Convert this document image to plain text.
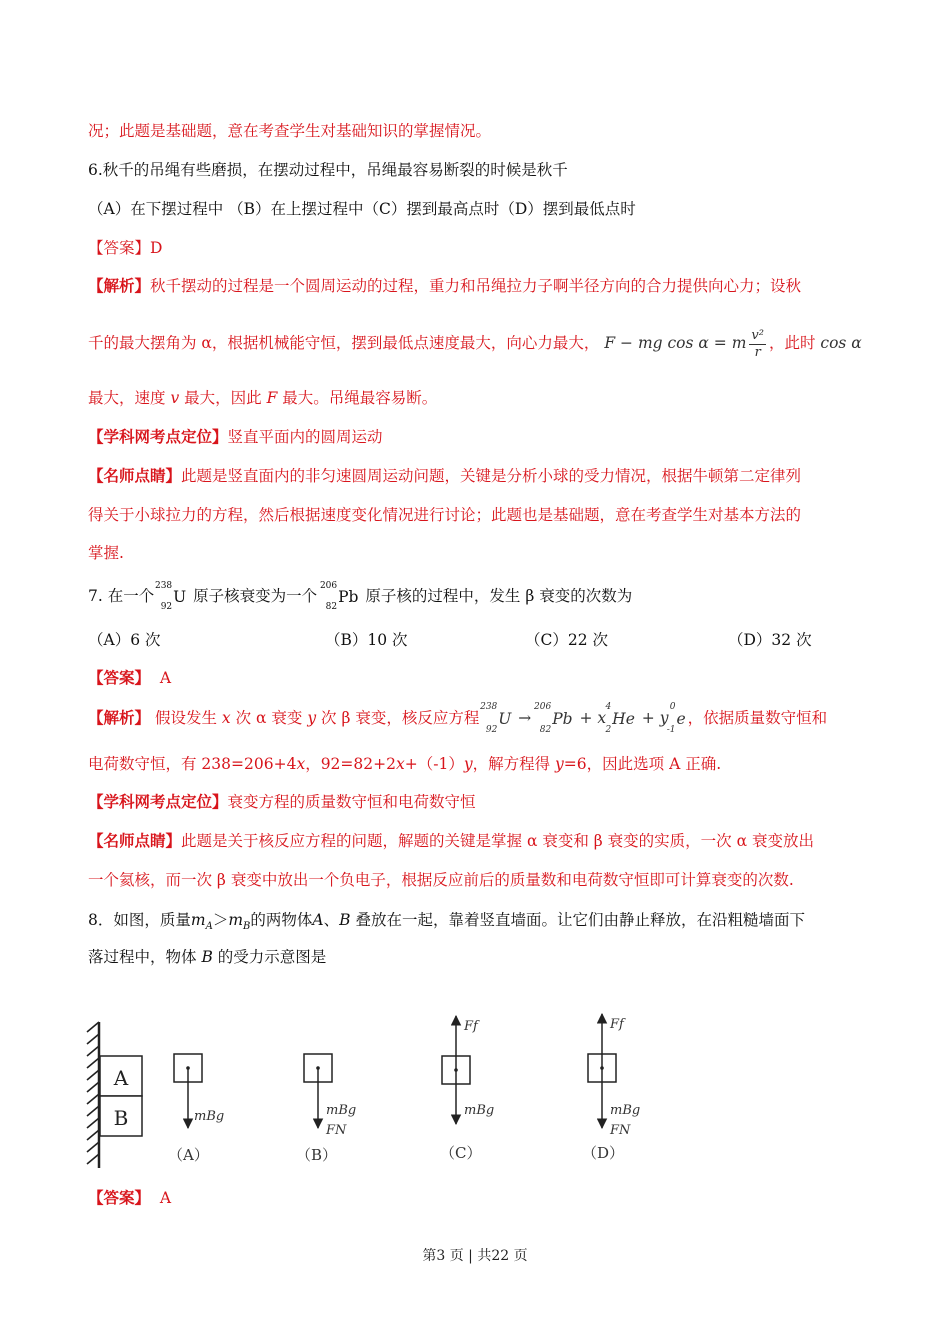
况；此题是基础题，意在考查学生对基础知识的掌握情况。
6.秋千的吊绳有些磨损，在摆动过程中，吊绳最容易断裂的时候是秋千
（A）在下摆过程中 （B）在上摆过程中（C）摆到最高点时（D）摆到最低点时
【答案】D
【解析】秋千摆动的过程是一个圆周运动的过程，重力和吊绳拉力子啊半径方向的合力提供向心力；设秋
千的最大摆角为 α，根据机械能守恒，摆到最低点速度最大，向心力最大， F − mg cos α = m $\frac{\text{v²}}{r}$ ，此时 cos α
最大，速度 v 最大，因此 F 最大。吊绳最容易断。
【学科网考点定位】竖直平面内的圆周运动
【名师点睛】此题是竖直面内的非匀速圆周运动问题，关键是分析小球的受力情况，根据牛顿第二定律列
得关于小球拉力的方程，然后根据速度变化情况进行讨论；此题也是基础题，意在考查学生对基本方法的
掌握.
7. 在一个
238
92
U 原子核衰变为一个
206
82
Pb 原子核的过程中，发生 β 衰变的次数为
（A）6 次	（B）10 次	（C）22 次	（D）32 次
【答案】 A
【解析】 假设发生 x 次 α 衰变 y 次 β 衰变，核反应方程
238
92
U →
206
82
Pb + x
4
2
He + y
0
-1
e ，依据质量数守恒和
电荷数守恒，有 238=206+4x，92=82+2x+（-1）y，解方程得 y=6，因此选项 A 正确.
【学科网考点定位】衰变方程的质量数守恒和电荷数守恒
【名师点睛】此题是关于核反应方程的问题，解题的关键是掌握 α 衰变和 β 衰变的实质，一次 α 衰变放出
一个氦核，而一次 β 衰变中放出一个负电子，根据反应前后的质量数和电荷数守恒即可计算衰变的次数.
8．如图，质量$m_A>m_B$的两物体A、B 叠放在一起，靠着竖直墙面。让它们由静止释放，在沿粗糙墙面下
落过程中，物体 B 的受力示意图是
A
B	mBg
（A）
mBg
FN
（B）
Ff
mBg
（C）
Ff
mBg
FN
（D）
【答案】 A
第3 页 | 共22 页
